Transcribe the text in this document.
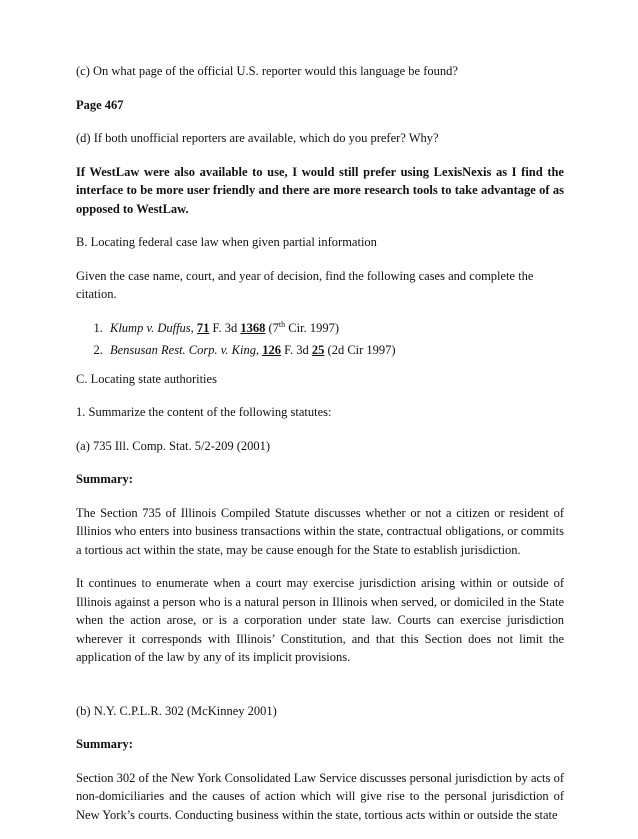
(c) On what page of the official U.S. reporter would this language be found?

Page 467

(d) If both unofficial reporters are available, which do you prefer? Why?

If WestLaw were also available to use, I would still prefer using LexisNexis as I find the interface to be more user friendly and there are more research tools to take advantage of as opposed to WestLaw.

B. Locating federal case law when given partial information

Given the case name, court, and year of decision, find the following cases and complete the citation.

1. Klump v. Duffus, 71 F. 3d 1368 (7th Cir. 1997)
2. Bensusan Rest. Corp. v. King, 126 F. 3d 25 (2d Cir 1997)

C. Locating state authorities

1. Summarize the content of the following statutes:

(a) 735 Ill. Comp. Stat. 5/2-209 (2001)

Summary:

The Section 735 of Illinois Compiled Statute discusses whether or not a citizen or resident of Illinios who enters into business transactions within the state, contractual obligations, or commits a tortious act within the state, may be cause enough for the State to establish jurisdiction.

It continues to enumerate when a court may exercise jurisdiction arising within or outside of Illinois against a person who is a natural person in Illinois when served, or domiciled in the State when the action arose, or is a corporation under state law. Courts can exercise jurisdiction wherever it corresponds with Illinois’ Constitution, and that this Section does not limit the application of the law by any of its implicit provisions.

(b) N.Y. C.P.L.R. 302 (McKinney 2001)

Summary:

Section 302 of the New York Consolidated Law Service discusses personal jurisdiction by acts of non-domiciliaries and the causes of action which will give rise to the personal jurisdiction of New York’s courts. Conducting business within the state, tortious acts within or outside the state
